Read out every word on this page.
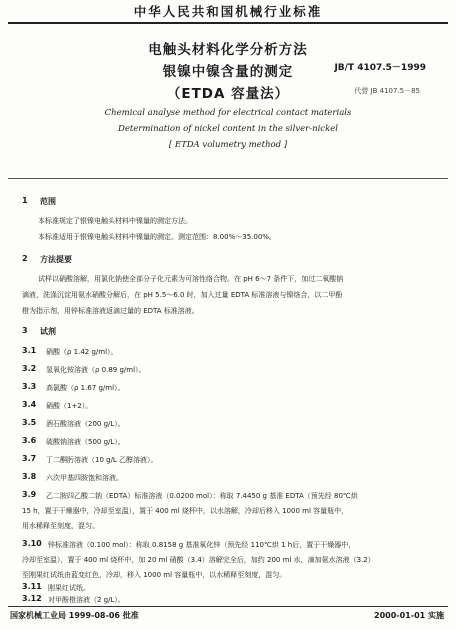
中华人民共和国机械行业标准
电触头材料化学分析方法
银镍中镍含量的测定
（ETDA 容量法）
JB/T 4107.5－1999
代替 JB 4107.5－85
Chemical analyse method for electrical contact materials
Determination of nickel content in the silver-nickel
[ ETDA volumetry method ]
1 范围
本标准规定了银镍电触头材料中镍量的测定方法。
本标准适用于银镍电触头材料中镍量的测定。测定范围：8.00%～35.00%。
2 方法提要
试样以硝酸溶解，用氯化钠使全部分子化元素为可溶性络合物。在 pH 6～7 条件下，加过二氧酸钠
滴液，洗涤沉淀用氨水硝酸分解后，在 pH 5.5～6.0 时，加入过量 EDTA 标准溶液与镍络合，以二甲酚
橙为指示剂，用锌标准溶液返滴过量的 EDTA 标准溶液。
3 试剂
3.1 硝酸（ρ 1.42 g/ml）。
3.2 氢氧化铵溶液（ρ 0.89 g/ml）。
3.3 高氯酸（ρ 1.67 g/ml）。
3.4 硝酸（1+2）。
3.5 酒石酸溶液（200 g/L）。
3.6 硫酸钠溶液（500 g/L）。
3.7 丁二酮肟溶液（10 g/L 乙醇溶液）。
3.8 六次甲基四胺饱和溶液。
3.9 乙二胺四乙酸二钠（EDTA）标准溶液（0.0200 mol）：称取 7.4450 g 基准 EDTA（预先经 80℃烘
15 h，置于干燥器中，冷却至室温），置于 400 ml 烧杯中，以水溶解，冷却后移入 1000 ml 容量瓶中，
用水稀释至刻度，混匀。
3.10 锌标准溶液（0.100 mol）：称取 0.8158 g 基准氧化锌（预先经 110℃烘 1 h后，置于干燥器中，
冷却至室温），置于 400 ml 烧杯中，加 20 ml 硝酸（3.4）溶解完全后，加约 200 ml 水，滴加氨水溶液（3.2）
至刚果红试纸由蓝变红色，冷却，移入 1000 ml 容量瓶中，以水稀释至刻度，混匀。
3.11 刚果红试纸。
3.12 对甲酚橙溶液（2 g/L）。
国家机械工业局 1999-08-06 批准	2000-01-01 实施
